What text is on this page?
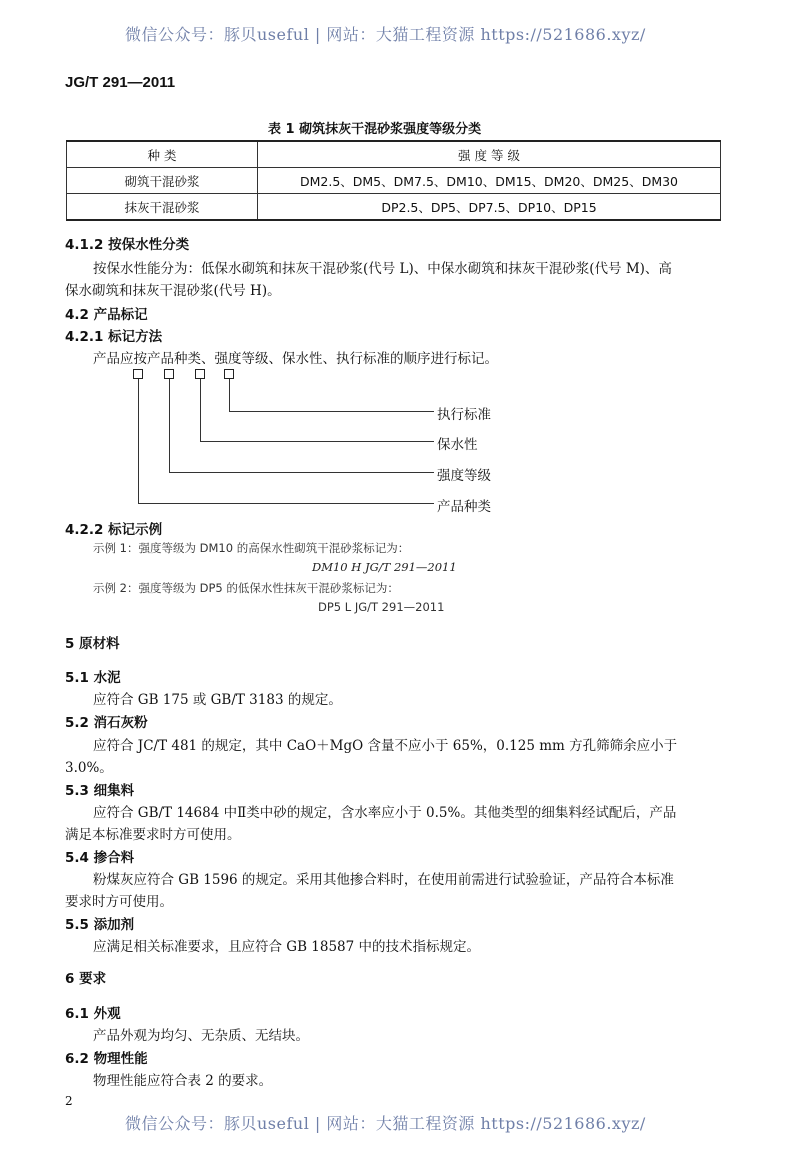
微信公众号：豚贝useful | 网站：大猫工程资源 https://521686.xyz/
JG/T 291—2011
表 1 砌筑抹灰干混砂浆强度等级分类
种 类	强 度 等 级
砌筑干混砂浆	DM2.5、DM5、DM7.5、DM10、DM15、DM20、DM25、DM30
抹灰干混砂浆	DP2.5、DP5、DP7.5、DP10、DP15
4.1.2 按保水性分类
按保水性能分为：低保水砌筑和抹灰干混砂浆(代号 L)、中保水砌筑和抹灰干混砂浆(代号 M)、高
保水砌筑和抹灰干混砂浆(代号 H)。
4.2 产品标记
4.2.1 标记方法
产品应按产品种类、强度等级、保水性、执行标准的顺序进行标记。
执行标准
保水性
强度等级
产品种类
4.2.2 标记示例
示例 1：强度等级为 DM10 的高保水性砌筑干混砂浆标记为：
DM10 H JG/T 291—2011
示例 2：强度等级为 DP5 的低保水性抹灰干混砂浆标记为：
DP5 L JG/T 291—2011
5 原材料
5.1 水泥
应符合 GB 175 或 GB/T 3183 的规定。
5.2 消石灰粉
应符合 JC/T 481 的规定，其中 CaO＋MgO 含量不应小于 65%，0.125 mm 方孔筛筛余应小于
3.0%。
5.3 细集料
应符合 GB/T 14684 中Ⅱ类中砂的规定，含水率应小于 0.5%。其他类型的细集料经试配后，产品
满足本标准要求时方可使用。
5.4 掺合料
粉煤灰应符合 GB 1596 的规定。采用其他掺合料时，在使用前需进行试验验证，产品符合本标准
要求时方可使用。
5.5 添加剂
应满足相关标准要求，且应符合 GB 18587 中的技术指标规定。
6 要求
6.1 外观
产品外观为均匀、无杂质、无结块。
6.2 物理性能
物理性能应符合表 2 的要求。
2
微信公众号：豚贝useful | 网站：大猫工程资源 https://521686.xyz/
